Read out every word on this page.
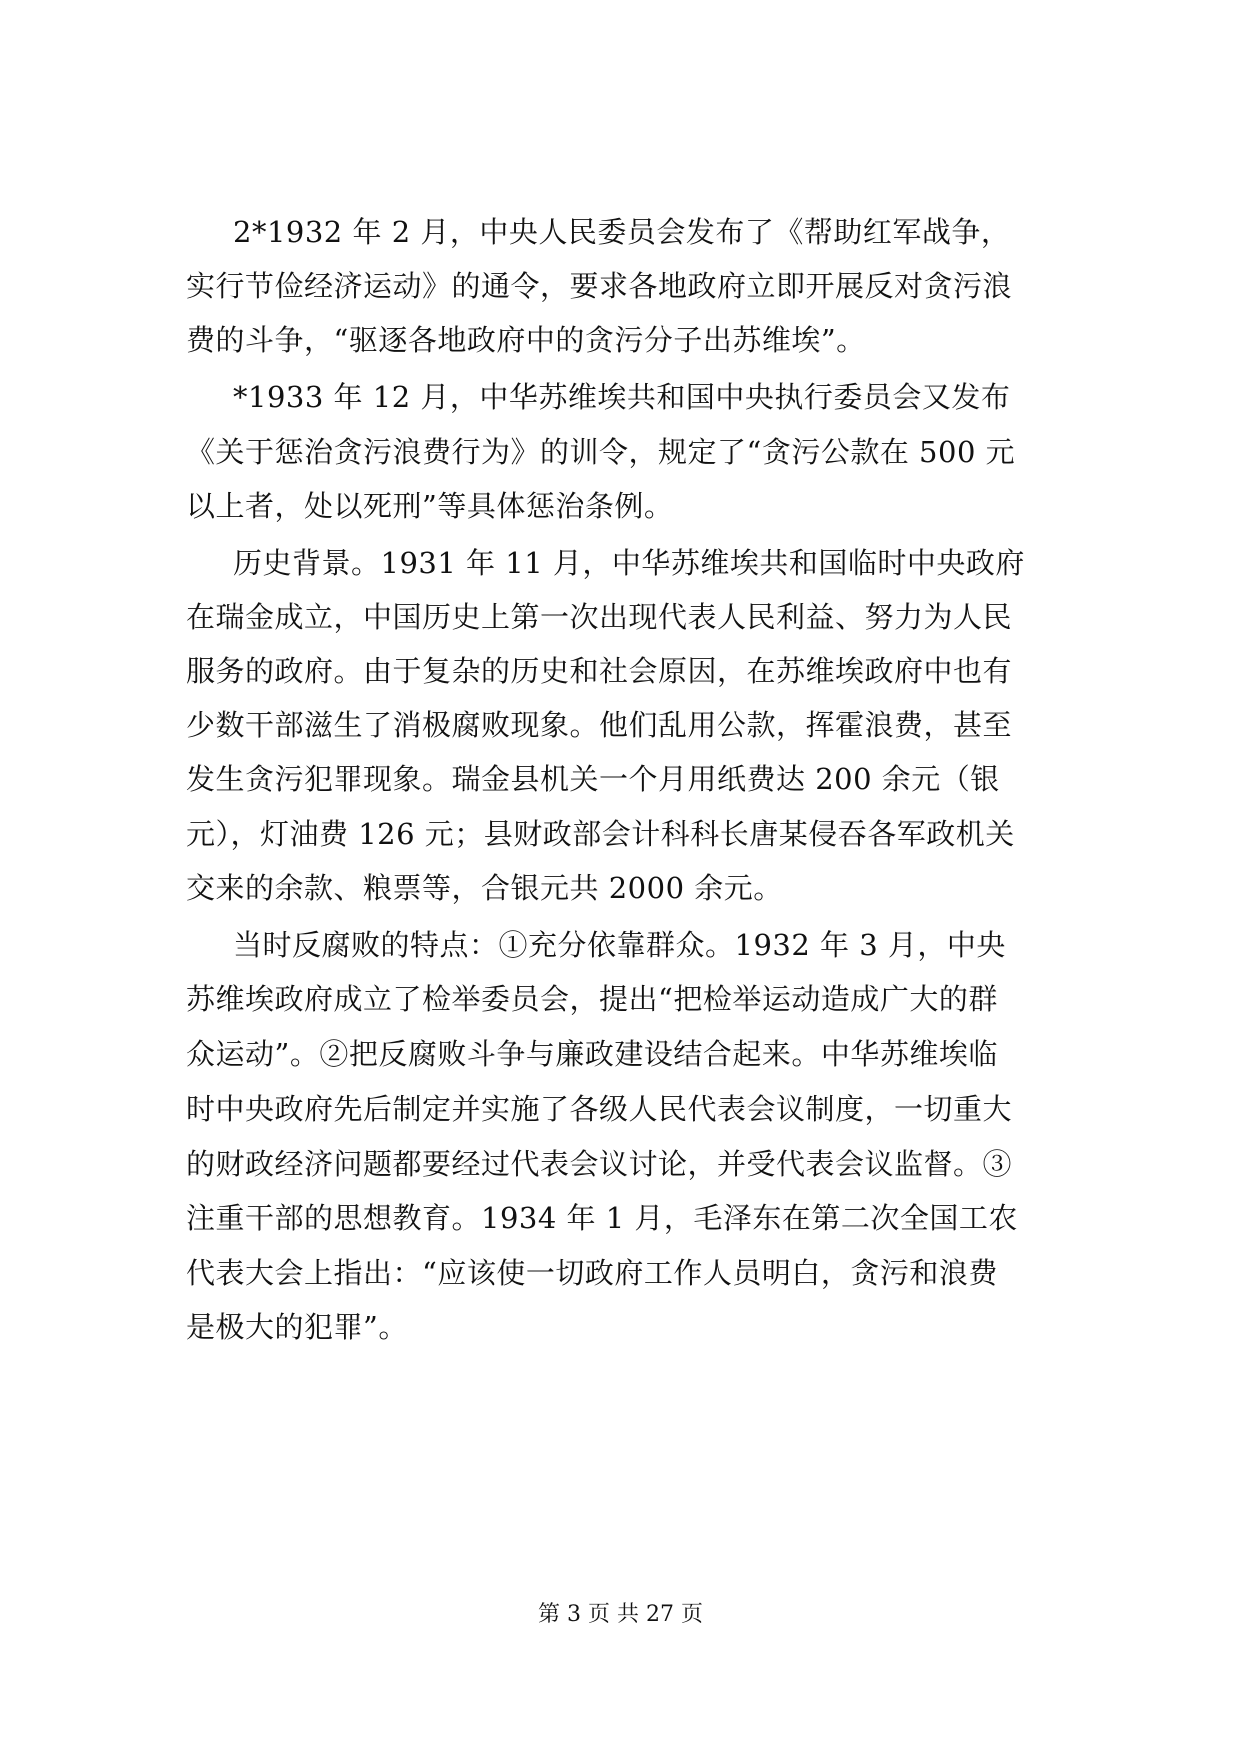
2*1932 年 2 月，中央人民委员会发布了《帮助红军战争，
实行节俭经济运动》的通令，要求各地政府立即开展反对贪污浪
费的斗争，“驱逐各地政府中的贪污分子出苏维埃”。
*1933 年 12 月，中华苏维埃共和国中央执行委员会又发布
《关于惩治贪污浪费行为》的训令，规定了“贪污公款在 500 元
以上者，处以死刑”等具体惩治条例。
历史背景。1931 年 11 月，中华苏维埃共和国临时中央政府
在瑞金成立，中国历史上第一次出现代表人民利益、努力为人民
服务的政府。由于复杂的历史和社会原因，在苏维埃政府中也有
少数干部滋生了消极腐败现象。他们乱用公款，挥霍浪费，甚至
发生贪污犯罪现象。瑞金县机关一个月用纸费达 200 余元（银
元），灯油费 126 元；县财政部会计科科长唐某侵吞各军政机关
交来的余款、粮票等，合银元共 2000 余元。
当时反腐败的特点：①充分依靠群众。1932 年 3 月，中央
苏维埃政府成立了检举委员会，提出“把检举运动造成广大的群
众运动”。②把反腐败斗争与廉政建设结合起来。中华苏维埃临
时中央政府先后制定并实施了各级人民代表会议制度，一切重大
的财政经济问题都要经过代表会议讨论，并受代表会议监督。③
注重干部的思想教育。1934 年 1 月，毛泽东在第二次全国工农
代表大会上指出：“应该使一切政府工作人员明白，贪污和浪费
是极大的犯罪”。
第 3 页 共 27 页
